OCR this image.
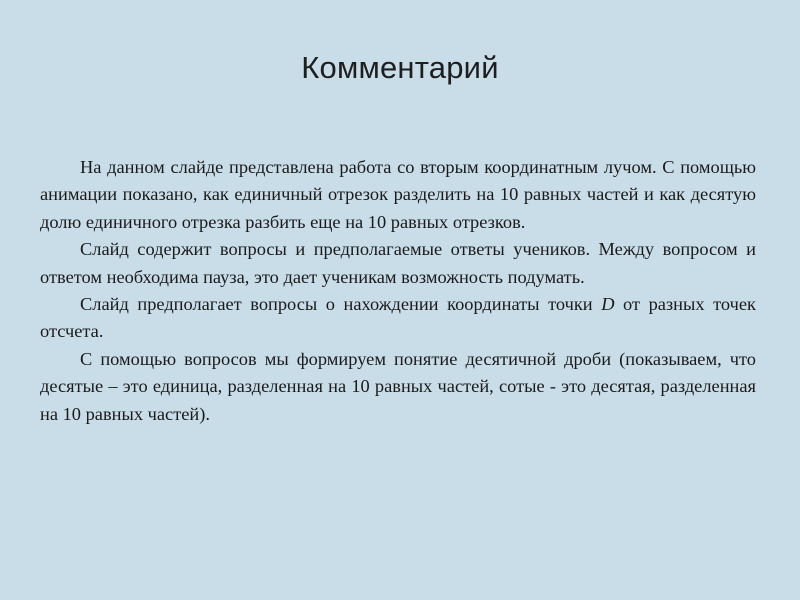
Комментарий

На данном слайде представлена работа со вторым координатным лучом. С помощью анимации показано, как единичный отрезок разделить на 10 равных частей и как десятую долю единичного отрезка разбить еще на 10 равных отрезков.

Слайд содержит вопросы и предполагаемые ответы учеников. Между вопросом и ответом необходима пауза, это дает ученикам возможность подумать.

Слайд предполагает вопросы о нахождении координаты точки D от разных точек отсчета.

С помощью вопросов мы формируем понятие десятичной дроби (показываем, что десятые – это единица, разделенная на 10 равных частей, сотые - это десятая, разделенная на 10 равных частей).
